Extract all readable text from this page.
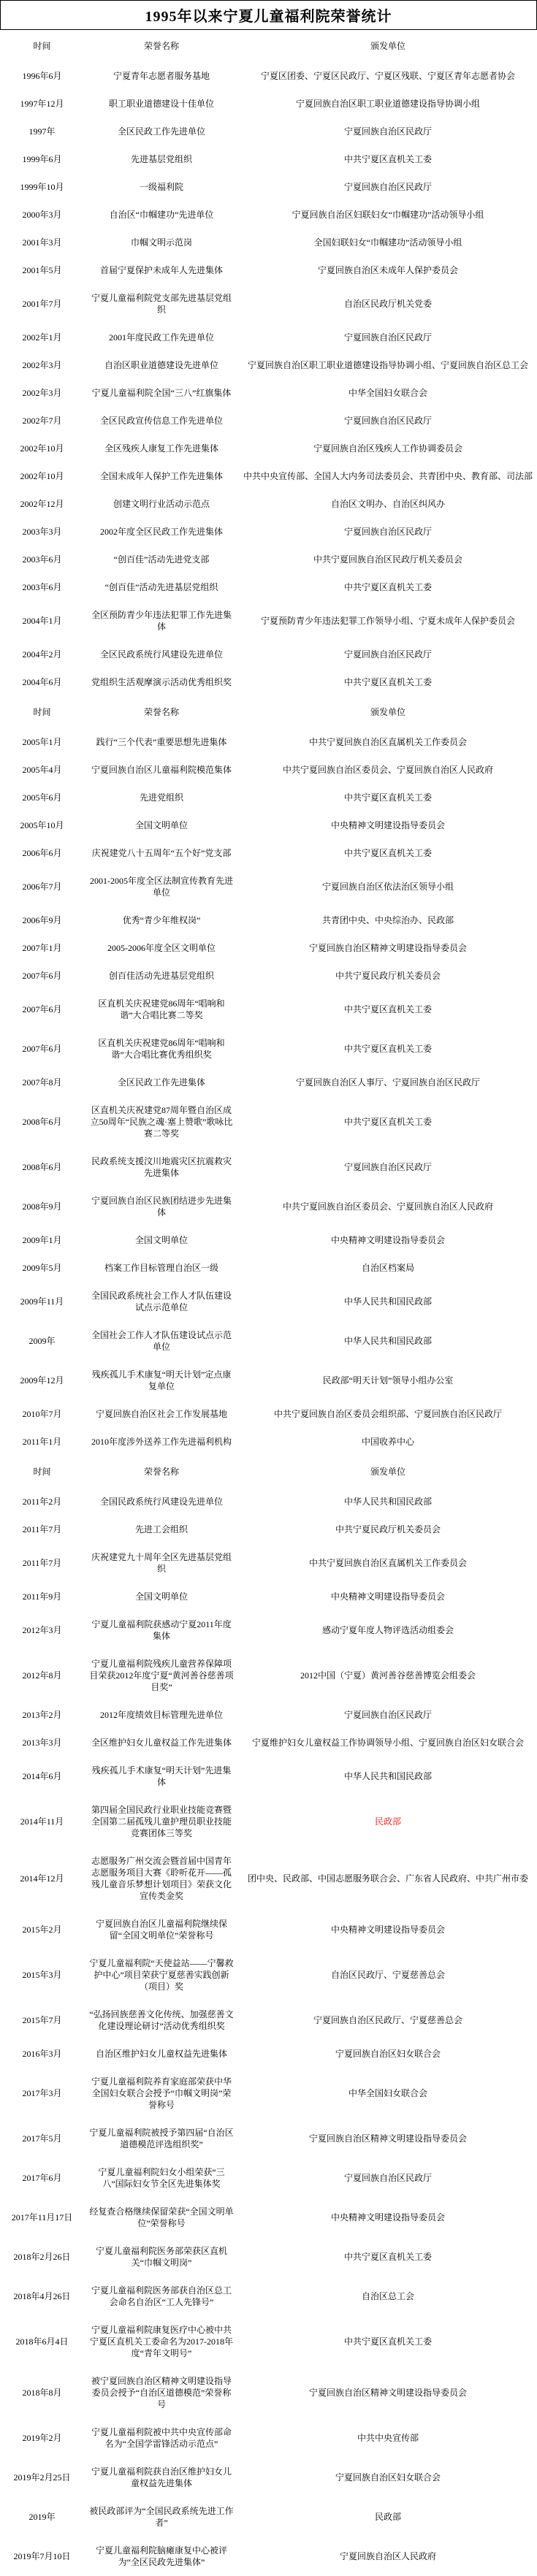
1995年以来宁夏儿童福利院荣誉统计
时间	荣誉名称	颁发单位
1996年6月	宁夏青年志愿者服务基地	宁夏区团委、宁夏区民政厅、宁夏区残联、宁夏区青年志愿者协会
1997年12月	职工职业道德建设十佳单位	宁夏回族自治区职工职业道德建设指导协调小组
1997年	全区民政工作先进单位	宁夏回族自治区民政厅
1999年6月	先进基层党组织	中共宁夏区直机关工委
1999年10月	一级福利院	宁夏回族自治区民政厅
2000年3月	自治区“巾帼建功”先进单位	宁夏回族自治区妇联妇女“巾帼建功”活动领导小组
2001年3月	巾帼文明示范岗	全国妇联妇女“巾帼建功”活动领导小组
2001年5月	首届宁夏保护未成年人先进集体	宁夏回族自治区未成年人保护委员会
2001年7月	宁夏儿童福利院党支部先进基层党组织	自治区民政厅机关党委
2002年1月	2001年度民政工作先进单位	宁夏回族自治区民政厅
2002年3月	自治区职业道德建设先进单位	宁夏回族自治区职工职业道德建设指导协调小组、宁夏回族自治区总工会
2002年3月	宁夏儿童福利院全国“三八”红旗集体	中华全国妇女联合会
2002年7月	全区民政宣传信息工作先进单位	宁夏回族自治区民政厅
2002年10月	全区残疾人康复工作先进集体	宁夏回族自治区残疾人工作协调委员会
2002年10月	全国未成年人保护工作先进集体	中共中央宣传部、全国人大内务司法委员会、共青团中央、教育部、司法部
2002年12月	创建文明行业活动示范点	自治区文明办、自治区纠风办
2003年3月	2002年度全区民政工作先进集体	宁夏回族自治区民政厅
2003年6月	“创百佳”活动先进党支部	中共宁夏回族自治区民政厅机关委员会
2003年6月	“创百佳”活动先进基层党组织	中共宁夏区直机关工委
2004年1月	全区预防青少年违法犯罪工作先进集体	宁夏预防青少年违法犯罪工作领导小组、宁夏未成年人保护委员会
2004年2月	全区民政系统行风建设先进单位	宁夏回族自治区民政厅
2004年6月	党组织生活观摩演示活动优秀组织奖	中共宁夏区直机关工委
时间	荣誉名称	颁发单位
2005年1月	践行“三个代表”重要思想先进集体	中共宁夏回族自治区直属机关工作委员会
2005年4月	宁夏回族自治区儿童福利院模范集体	中共宁夏回族自治区委员会、宁夏回族自治区人民政府
2005年6月	先进党组织	中共宁夏区直机关工委
2005年10月	全国文明单位	中央精神文明建设指导委员会
2006年6月	庆祝建党八十五周年“五个好”党支部	中共宁夏区直机关工委
2006年7月	2001-2005年度全区法制宣传教育先进单位	宁夏回族自治区依法治区领导小组
2006年9月	优秀“青少年维权岗”	共青团中央、中央综治办、民政部
2007年1月	2005-2006年度全区文明单位	宁夏回族自治区精神文明建设指导委员会
2007年6月	创百佳活动先进基层党组织	中共宁夏民政厅机关委员会
2007年6月	区直机关庆祝建党86周年“唱响和谐”大合唱比赛二等奖	中共宁夏区直机关工委
2007年6月	区直机关庆祝建党86周年“唱响和谐”大合唱比赛优秀组织奖	中共宁夏区直机关工委
2007年8月	全区民政工作先进集体	宁夏回族自治区人事厅、宁夏回族自治区民政厅
2008年6月	区直机关庆祝建党87周年暨自治区成立50周年“民族之魂·塞上赞歌”歌咏比赛二等奖	中共宁夏区直机关工委
2008年6月	民政系统支援汶川地震灾区抗震救灾先进集体	宁夏回族自治区民政厅
2008年9月	宁夏回族自治区民族团结进步先进集体	中共宁夏回族自治区委员会、宁夏回族自治区人民政府
2009年1月	全国文明单位	中央精神文明建设指导委员会
2009年5月	档案工作目标管理自治区一级	自治区档案局
2009年11月	全国民政系统社会工作人才队伍建设试点示范单位	中华人民共和国民政部
2009年	全国社会工作人才队伍建设试点示范单位	中华人民共和国民政部
2009年12月	残疾孤儿手术康复“明天计划”定点康复单位	民政部“明天计划”领导小组办公室
2010年7月	宁夏回族自治区社会工作发展基地	中共宁夏回族自治区委员会组织部、宁夏回族自治区民政厅
2011年1月	2010年度涉外送养工作先进福利机构	中国收养中心
时间	荣誉名称	颁发单位
2011年2月	全国民政系统行风建设先进单位	中华人民共和国民政部
2011年7月	先进工会组织	中共宁夏民政厅机关委员会
2011年7月	庆祝建党九十周年全区先进基层党组织	中共宁夏回族自治区直属机关工作委员会
2011年9月	全国文明单位	中央精神文明建设指导委员会
2012年3月	宁夏儿童福利院获感动宁夏2011年度集体	感动宁夏年度人物评选活动组委会
2012年8月	宁夏儿童福利院残疾儿童营养保障项目荣获2012年度宁夏“黄河善谷慈善项目奖”	2012中国（宁夏）黄河善谷慈善博览会组委会
2013年2月	2012年度绩效目标管理先进单位	宁夏回族自治区民政厅
2013年3月	全区维护妇女儿童权益工作先进集体	宁夏维护妇女儿童权益工作协调领导小组、宁夏回族自治区妇女联合会
2014年6月	残疾孤儿手术康复“明天计划”先进集体	中华人民共和国民政部
2014年11月	第四届全国民政行业职业技能竞赛暨全国第二届孤残儿童护理员职业技能竞赛团体三等奖	民政部
2014年12月	志愿服务广州交流会暨首届中国青年志愿服务项目大赛《聆听花开——孤残儿童音乐梦想计划项目》荣获文化宣传类金奖	团中央、民政部、中国志愿服务联合会、广东省人民政府、中共广州市委
2015年2月	宁夏回族自治区儿童福利院继续保留“全国文明单位”荣誉称号	中央精神文明建设指导委员会
2015年3月	宁夏儿童福利院“天使益站——宁馨救护中心”项目荣获宁夏慈善实践创新（项目）奖	自治区民政厅、宁夏慈善总会
2015年7月	“弘扬回族慈善文化传统、加强慈善文化建设理论研讨”活动优秀组织奖	宁夏回族自治区民政厅、宁夏慈善总会
2016年3月	自治区维护妇女儿童权益先进集体	宁夏回族自治区妇女联合会
2017年3月	宁夏儿童福利院养育家庭部荣获中华全国妇女联合会授予“巾帼文明岗”荣誉称号	中华全国妇女联合会
2017年5月	宁夏儿童福利院被授予第四届“自治区道德模范评选组织奖”	宁夏回族自治区精神文明建设指导委员会
2017年6月	宁夏儿童福利院妇女小组荣获“三八”国际妇女节全区先进集体奖	宁夏回族自治区民政厅
2017年11月17日	经复查合格继续保留荣获“全国文明单位”荣誉称号	中央精神文明建设指导委员会
2018年2月26日	宁夏儿童福利院医务部荣获区直机关“巾帼文明岗”	中共宁夏区直机关工委
2018年4月26日	宁夏儿童福利院医务部获自治区总工会命名自治区“工人先锋号”	自治区总工会
2018年6月4日	宁夏儿童福利院康复医疗中心被中共宁夏区直机关工委命名为2017-2018年度“青年文明号”	中共宁夏区直机关工委
2018年8月	被宁夏回族自治区精神文明建设指导委员会授予“自治区道德模范”荣誉称号	宁夏回族自治区精神文明建设指导委员会
2019年2月	宁夏儿童福利院被中共中央宣传部命名为“全国学雷锋活动示范点”	中共中央宣传部
2019年2月25日	宁夏儿童福利院获自治区维护妇女儿童权益先进集体	宁夏回族自治区妇女联合会
2019年	被民政部评为“全国民政系统先进工作者”	民政部
2019年7月10日	宁夏儿童福利院脑瘫康复中心被评为“全区民政先进集体”	宁夏回族自治区人民政府
